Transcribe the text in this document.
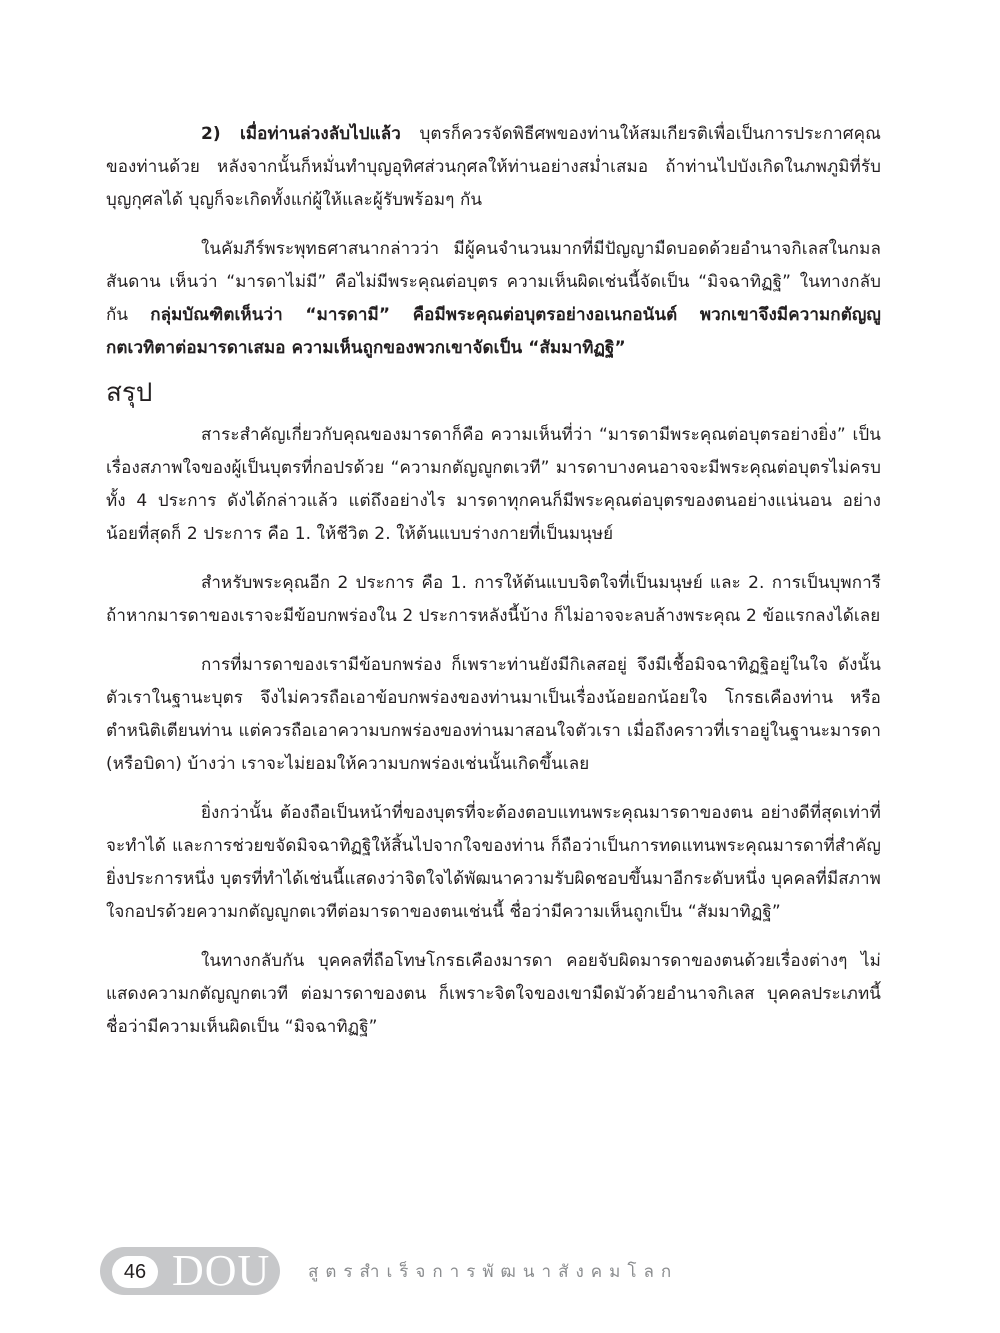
2) เมื่อท่านล่วงลับไปแล้ว บุตรก็ควรจัดพิธีศพของท่านให้สมเกียรติเพื่อเป็นการประกาศคุณของท่านด้วย หลังจากนั้นก็หมั่นทำบุญอุทิศส่วนกุศลให้ท่านอย่างสม่ำเสมอ ถ้าท่านไปบังเกิดในภพภูมิที่รับบุญกุศลได้ บุญก็จะเกิดทั้งแก่ผู้ให้และผู้รับพร้อมๆ กัน

ในคัมภีร์พระพุทธศาสนากล่าวว่า มีผู้คนจำนวนมากที่มีปัญญามืดบอดด้วยอำนาจกิเลสในกมลสันดาน เห็นว่า “มารดาไม่มี” คือไม่มีพระคุณต่อบุตร ความเห็นผิดเช่นนี้จัดเป็น “มิจฉาทิฏฐิ” ในทางกลับกัน กลุ่มบัณฑิตเห็นว่า “มารดามี” คือมีพระคุณต่อบุตรอย่างอเนกอนันต์ พวกเขาจึงมีความกตัญญู กตเวทิตาต่อมารดาเสมอ ความเห็นถูกของพวกเขาจัดเป็น “สัมมาทิฏฐิ”

สรุป

สาระสำคัญเกี่ยวกับคุณของมารดาก็คือ ความเห็นที่ว่า “มารดามีพระคุณต่อบุตรอย่างยิ่ง” เป็นเรื่องสภาพใจของผู้เป็นบุตรที่กอปรด้วย “ความกตัญญูกตเวที” มารดาบางคนอาจจะมีพระคุณต่อบุตรไม่ครบทั้ง 4 ประการ ดังได้กล่าวแล้ว แต่ถึงอย่างไร มารดาทุกคนก็มีพระคุณต่อบุตรของตนอย่างแน่นอน อย่างน้อยที่สุดก็ 2 ประการ คือ 1. ให้ชีวิต 2. ให้ต้นแบบร่างกายที่เป็นมนุษย์

สำหรับพระคุณอีก 2 ประการ คือ 1. การให้ต้นแบบจิตใจที่เป็นมนุษย์ และ 2. การเป็นบุพการี ถ้าหากมารดาของเราจะมีข้อบกพร่องใน 2 ประการหลังนี้บ้าง ก็ไม่อาจจะลบล้างพระคุณ 2 ข้อแรกลงได้เลย

การที่มารดาของเรามีข้อบกพร่อง ก็เพราะท่านยังมีกิเลสอยู่ จึงมีเชื้อมิจฉาทิฏฐิอยู่ในใจ ดังนั้นตัวเราในฐานะบุตร จึงไม่ควรถือเอาข้อบกพร่องของท่านมาเป็นเรื่องน้อยอกน้อยใจ โกรธเคืองท่าน หรือตำหนิติเตียนท่าน แต่ควรถือเอาความบกพร่องของท่านมาสอนใจตัวเรา เมื่อถึงคราวที่เราอยู่ในฐานะมารดา (หรือบิดา) บ้างว่า เราจะไม่ยอมให้ความบกพร่องเช่นนั้นเกิดขึ้นเลย

ยิ่งกว่านั้น ต้องถือเป็นหน้าที่ของบุตรที่จะต้องตอบแทนพระคุณมารดาของตน อย่างดีที่สุดเท่าที่จะทำได้ และการช่วยขจัดมิจฉาทิฏฐิให้สิ้นไปจากใจของท่าน ก็ถือว่าเป็นการทดแทนพระคุณมารดาที่สำคัญยิ่งประการหนึ่ง บุตรที่ทำได้เช่นนี้แสดงว่าจิตใจได้พัฒนาความรับผิดชอบขึ้นมาอีกระดับหนึ่ง บุคคลที่มีสภาพใจกอปรด้วยความกตัญญูกตเวทีต่อมารดาของตนเช่นนี้ ชื่อว่ามีความเห็นถูกเป็น “สัมมาทิฏฐิ”

ในทางกลับกัน บุคคลที่ถือโทษโกรธเคืองมารดา คอยจับผิดมารดาของตนด้วยเรื่องต่างๆ ไม่แสดงความกตัญญูกตเวที ต่อมารดาของตน ก็เพราะจิตใจของเขามืดมัวด้วยอำนาจกิเลส บุคคลประเภทนี้ชื่อว่ามีความเห็นผิดเป็น “มิจฉาทิฏฐิ”

46 DOU สูตรสำเร็จการพัฒนาสังคมโลก
